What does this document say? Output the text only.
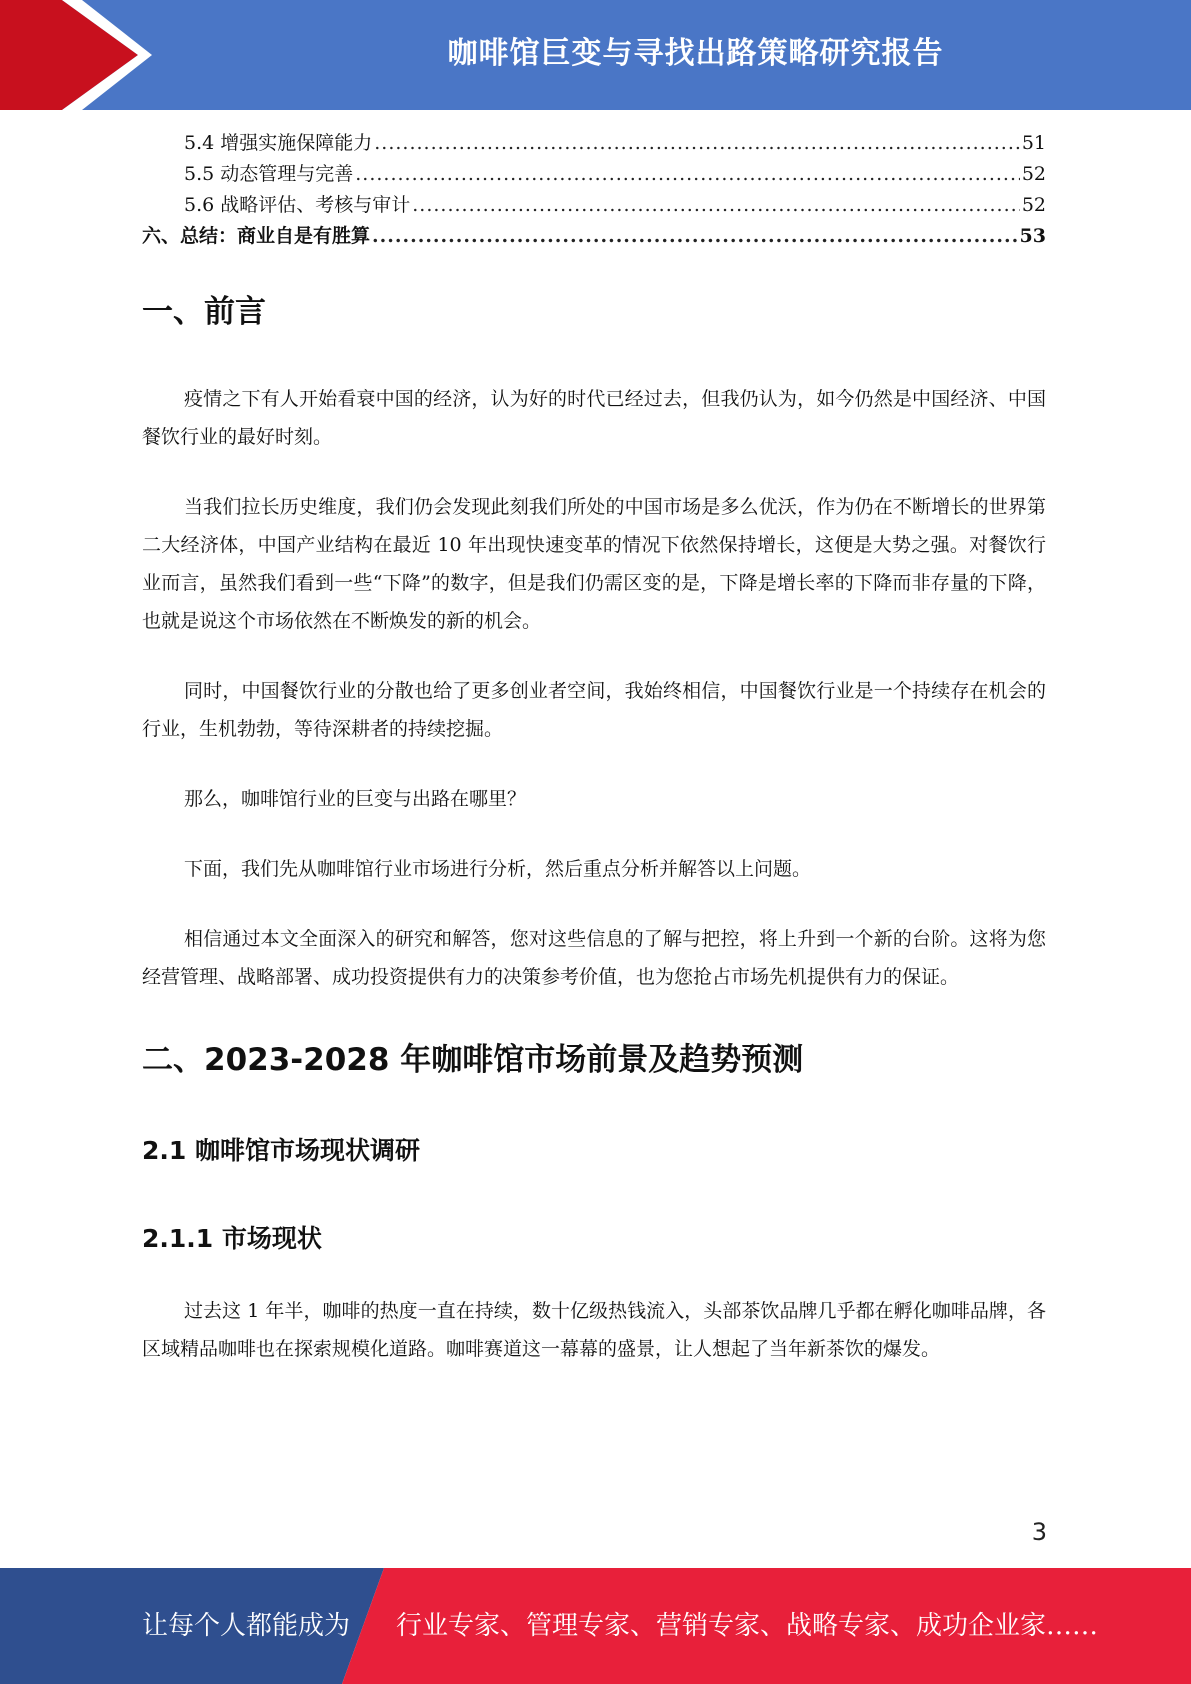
咖啡馆巨变与寻找出路策略研究报告
5.4 增强实施保障能力 .....	51
5.5 动态管理与完善 .....	52
5.6 战略评估、考核与审计 .....	52
六、总结：商业自是有胜算 .....	53
一、前言

疫情之下有人开始看衰中国的经济，认为好的时代已经过去，但我仍认为，如今仍然是中国经济、中国餐饮行业的最好时刻。

当我们拉长历史维度，我们仍会发现此刻我们所处的中国市场是多么优沃，作为仍在不断增长的世界第二大经济体，中国产业结构在最近 10 年出现快速变革的情况下依然保持增长，这便是大势之强。对餐饮行业而言，虽然我们看到一些“下降”的数字，但是我们仍需区变的是，下降是增长率的下降而非存量的下降，也就是说这个市场依然在不断焕发的新的机会。

同时，中国餐饮行业的分散也给了更多创业者空间，我始终相信，中国餐饮行业是一个持续存在机会的行业，生机勃勃，等待深耕者的持续挖掘。

那么，咖啡馆行业的巨变与出路在哪里？

下面，我们先从咖啡馆行业市场进行分析，然后重点分析并解答以上问题。

相信通过本文全面深入的研究和解答，您对这些信息的了解与把控，将上升到一个新的台阶。这将为您经营管理、战略部署、成功投资提供有力的决策参考价值，也为您抢占市场先机提供有力的保证。

二、2023-2028 年咖啡馆市场前景及趋势预测
2.1 咖啡馆市场现状调研
2.1.1 市场现状

过去这 1 年半，咖啡的热度一直在持续，数十亿级热钱流入，头部茶饮品牌几乎都在孵化咖啡品牌，各区域精品咖啡也在探索规模化道路。咖啡赛道这一幕幕的盛景，让人想起了当年新茶饮的爆发。

3
让每个人都能成为 行业专家、管理专家、营销专家、战略专家、成功企业家……
